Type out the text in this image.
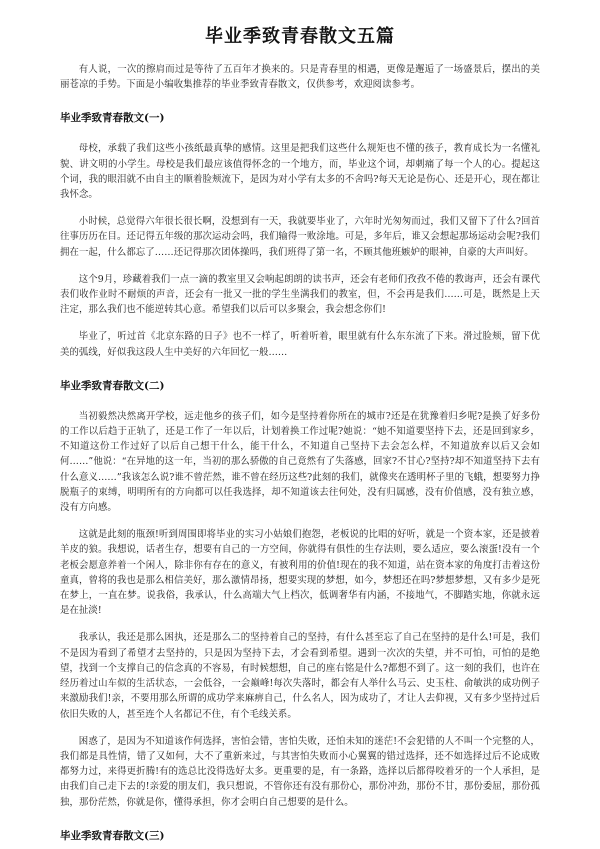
毕业季致青春散文五篇

有人说，一次的擦肩而过是等待了五百年才换来的。只是青春里的相遇，更像是邂逅了一场盛景后，摆出的美丽苍凉的手势。下面是小编收集推荐的毕业季致青春散文，仅供参考，欢迎阅读参考。

毕业季致青春散文(一)

母校，承载了我们这些小孩纸最真挚的感情。这里是把我们这些什么规矩也不懂的孩子，教育成长为一名懂礼貌、讲文明的小学生。母校是我们最应该值得怀念的一个地方，而，毕业这个词，却刺痛了每一个人的心。提起这个词，我的眼泪就不由自主的顺着脸颊流下，是因为对小学有太多的不舍吗?每天无论是伤心、还是开心，现在都让我怀念。

小时候，总觉得六年很长很长啊，没想到有一天，我就要毕业了，六年时光匆匆而过，我们又留下了什么?回首往事历历在目。还记得五年级的那次运动会吗，我们输得一败涂地。可是，多年后，谁又会想起那场运动会呢?我们拥在一起，什么都忘了……还记得那次团体操吗，我们班得了第一名，不顾其他班嫉妒的眼神，自豪的大声叫好。

这个9月，珍藏着我们一点一滴的教室里又会响起朗朗的读书声，还会有老师们孜孜不倦的教诲声，还会有课代表们收作业时不耐烦的声音，还会有一批又一批的学生坐满我们的教室，但，不会再是我们……可是，既然是上天注定，那么我们也不能逆转其心意。希望我们以后可以多聚会，我会想念你们!

毕业了，听过首《北京东路的日子》也不一样了，听着听着，眼里就有什么东东流了下来。滑过脸颊，留下优美的弧线，好似我这段人生中美好的六年回忆一般……

毕业季致青春散文(二)

当初毅然决然离开学校，远走他乡的孩子们，如今是坚持着你所在的城市?还是在犹豫着归乡呢?是换了好多份的工作以后趋于正轨了，还是工作了一年以后，计划着换工作过呢?她说：“她不知道要坚持下去，还是回到家乡，不知道这份工作过好了以后自己想干什么，能干什么，不知道自己坚持下去会怎么样，不知道放弃以后又会如何……”他说：“在异地的这一年，当初的那么骄傲的自己竟然有了失落感，回家?不甘心?坚持?却不知道坚持下去有什么意义……”我该怎么说?谁不曾茫然，谁不曾在经历这些?此刻的我们，就像夹在透明杯子里的飞蛾，想要努力挣脱瓶子的束缚，明明所有的方向都可以任我选择，却不知道该去往何处，没有归属感，没有价值感，没有独立感，没有方向感。

这就是此刻的瓶颈!听到周围即将毕业的实习小姑娘们抱怨，老板说的比唱的好听，就是一个资本家，还是披着羊皮的狼。我想说，话者生存，想要有自己的一方空间，你就得有俱性的生存法则，要么适应，要么滚蛋!没有一个老板会愿意养着一个闲人，除非你有存在的意义，有被利用的价值!现在的我不知道，站在资本家的角度打击着这份童真，曾将的我也是那么相信美好，那么激情昂扬，想要实现的梦想，如今，梦想还在吗?梦想梦想，又有多少是死在梦上，一直在梦。说我俗，我承认，什么高端大气上档次，低调奢华有内涵，不接地气，不脚踏实地，你就永远是在扯淡!

我承认，我还是那么困执，还是那么二的坚持着自己的坚持，有什么甚至忘了自己在坚持的是什么!可是，我们不是因为看到了希望才去坚持的，只是因为坚持下去，才会看到希望。遇到一次次的失望，并不可怕，可怕的是绝望，找到一个支撑自己的信念真的不容易，有时候想想，自己的座右铭是什么?都想不到了。这一刻的我们，也许在经历着过山车似的生活状态，一会低谷，一会巅峰!每次失落时，都会有人举什么马云、史玉柱、俞敏洪的成功例子来激励我们!亲，不要用那么所谓的成功学来麻痹自己，什么名人，因为成功了，才让人去仰视，又有多少坚持过后依旧失败的人，甚至连个人名都记不住，有个毛线关系。

困惑了，是因为不知道该作何选择，害怕会错，害怕失败，还怕未知的迷茫!不会犯错的人不叫一个完整的人，我们都是具性情，错了又如何，大不了重新来过，与其害怕失败而小心翼翼的错过选择，还不如选择过后不论成败都努力过，来得更折腾!有的选总比没得选好太多。更重要的是，有一条路，选择以后都得咬着牙的一个人承担，是由我们自己走下去的!亲爱的朋友们，我只想说，不管你还有没有那份心，那份冲劲，那份不甘，那份委屈，那份孤独，那份茫然，你就是你，懂得承担，你才会明白自己想要的是什么。

毕业季致青春散文(三)
